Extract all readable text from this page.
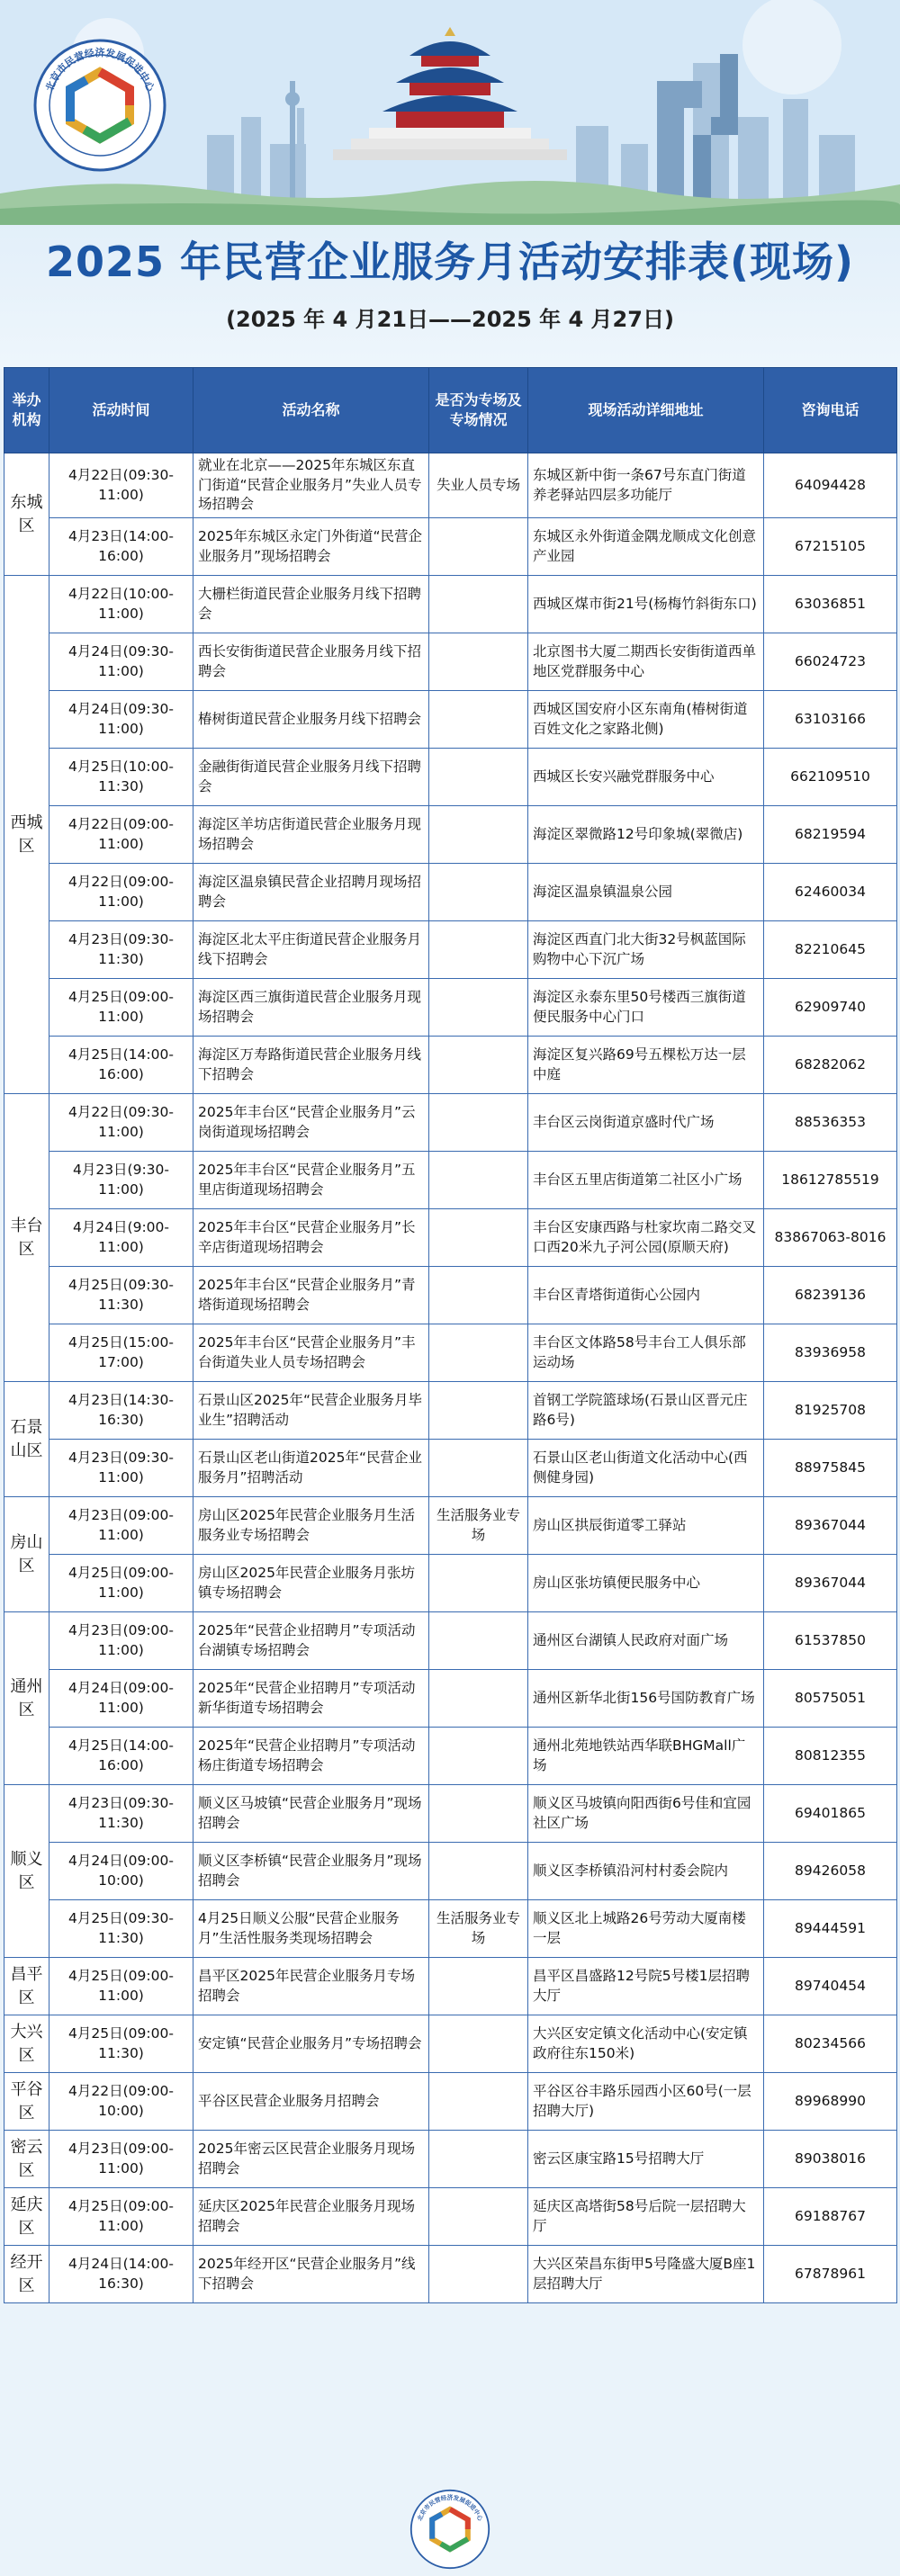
北京市民营经济发展促进中心
2025 年民营企业服务月活动安排表(现场)
(2025 年 4 月21日——2025 年 4 月27日)
举办机构	活动时间	活动名称	是否为专场及专场情况	现场活动详细地址	咨询电话
东城区	4月22日(09:30-11:00)	就业在北京——2025年东城区东直门街道“民营企业服务月”失业人员专场招聘会	失业人员专场	东城区新中街一条67号东直门街道养老驿站四层多功能厅	64094428
	4月23日(14:00-16:00)	2025年东城区永定门外街道“民营企业服务月”现场招聘会		东城区永外街道金隅龙顺成文化创意产业园	67215105
西城区	4月22日(10:00-11:00)	大栅栏街道民营企业服务月线下招聘会		西城区煤市街21号(杨梅竹斜街东口)	63036851
	4月24日(09:30-11:00)	西长安街街道民营企业服务月线下招聘会		北京图书大厦二期西长安街街道西单地区党群服务中心	66024723
	4月24日(09:30-11:00)	椿树街道民营企业服务月线下招聘会		西城区国安府小区东南角(椿树街道百姓文化之家路北侧)	63103166
	4月25日(10:00-11:30)	金融街街道民营企业服务月线下招聘会		西城区长安兴融党群服务中心	662109510
	4月22日(09:00-11:00)	海淀区羊坊店街道民营企业服务月现场招聘会		海淀区翠微路12号印象城(翠微店)	68219594
	4月22日(09:00-11:00)	海淀区温泉镇民营企业招聘月现场招聘会		海淀区温泉镇温泉公园	62460034
	4月23日(09:30-11:30)	海淀区北太平庄街道民营企业服务月线下招聘会		海淀区西直门北大街32号枫蓝国际购物中心下沉广场	82210645
	4月25日(09:00-11:00)	海淀区西三旗街道民营企业服务月现场招聘会		海淀区永泰东里50号楼西三旗街道便民服务中心门口	62909740
	4月25日(14:00-16:00)	海淀区万寿路街道民营企业服务月线下招聘会		海淀区复兴路69号五棵松万达一层中庭	68282062
丰台区	4月22日(09:30-11:00)	2025年丰台区“民营企业服务月”云岗街道现场招聘会		丰台区云岗街道京盛时代广场	88536353
	4月23日(9:30-11:00)	2025年丰台区“民营企业服务月”五里店街道现场招聘会		丰台区五里店街道第二社区小广场	18612785519
	4月24日(9:00-11:00)	2025年丰台区“民营企业服务月”长辛店街道现场招聘会		丰台区安康西路与杜家坎南二路交叉口西20米九子河公园(原顺天府)	83867063-8016
	4月25日(09:30-11:30)	2025年丰台区“民营企业服务月”青塔街道现场招聘会		丰台区青塔街道街心公园内	68239136
	4月25日(15:00-17:00)	2025年丰台区“民营企业服务月”丰台街道失业人员专场招聘会		丰台区文体路58号丰台工人俱乐部运动场	83936958
石景山区	4月23日(14:30-16:30)	石景山区2025年“民营企业服务月毕业生”招聘活动		首钢工学院篮球场(石景山区晋元庄路6号)	81925708
	4月23日(09:30-11:00)	石景山区老山街道2025年“民营企业服务月”招聘活动		石景山区老山街道文化活动中心(西侧健身园)	88975845
房山区	4月23日(09:00-11:00)	房山区2025年民营企业服务月生活服务业专场招聘会	生活服务业专场	房山区拱辰街道零工驿站	89367044
	4月25日(09:00-11:00)	房山区2025年民营企业服务月张坊镇专场招聘会		房山区张坊镇便民服务中心	89367044
通州区	4月23日(09:00-11:00)	2025年“民营企业招聘月”专项活动台湖镇专场招聘会		通州区台湖镇人民政府对面广场	61537850
	4月24日(09:00-11:00)	2025年“民营企业招聘月”专项活动新华街道专场招聘会		通州区新华北街156号国防教育广场	80575051
	4月25日(14:00-16:00)	2025年“民营企业招聘月”专项活动杨庄街道专场招聘会		通州北苑地铁站西华联BHGMall广场	80812355
顺义区	4月23日(09:30-11:30)	顺义区马坡镇“民营企业服务月”现场招聘会		顺义区马坡镇向阳西街6号佳和宜园社区广场	69401865
	4月24日(09:00-10:00)	顺义区李桥镇“民营企业服务月”现场招聘会		顺义区李桥镇沿河村村委会院内	89426058
	4月25日(09:30-11:30)	4月25日顺义公服“民营企业服务月”生活性服务类现场招聘会	生活服务业专场	顺义区北上城路26号劳动大厦南楼一层	89444591
昌平区	4月25日(09:00-11:00)	昌平区2025年民营企业服务月专场招聘会		昌平区昌盛路12号院5号楼1层招聘大厅	89740454
大兴区	4月25日(09:00-11:30)	安定镇“民营企业服务月”专场招聘会		大兴区安定镇文化活动中心(安定镇政府往东150米)	80234566
平谷区	4月22日(09:00-10:00)	平谷区民营企业服务月招聘会		平谷区谷丰路乐园西小区60号(一层招聘大厅)	89968990
密云区	4月23日(09:00-11:00)	2025年密云区民营企业服务月现场招聘会		密云区康宝路15号招聘大厅	89038016
延庆区	4月25日(09:00-11:00)	延庆区2025年民营企业服务月现场招聘会		延庆区高塔街58号后院一层招聘大厅	69188767
经开区	4月24日(14:00-16:30)	2025年经开区“民营企业服务月”线下招聘会		大兴区荣昌东街甲5号隆盛大厦B座1层招聘大厅	67878961
北京市民营经济发展促进中心
